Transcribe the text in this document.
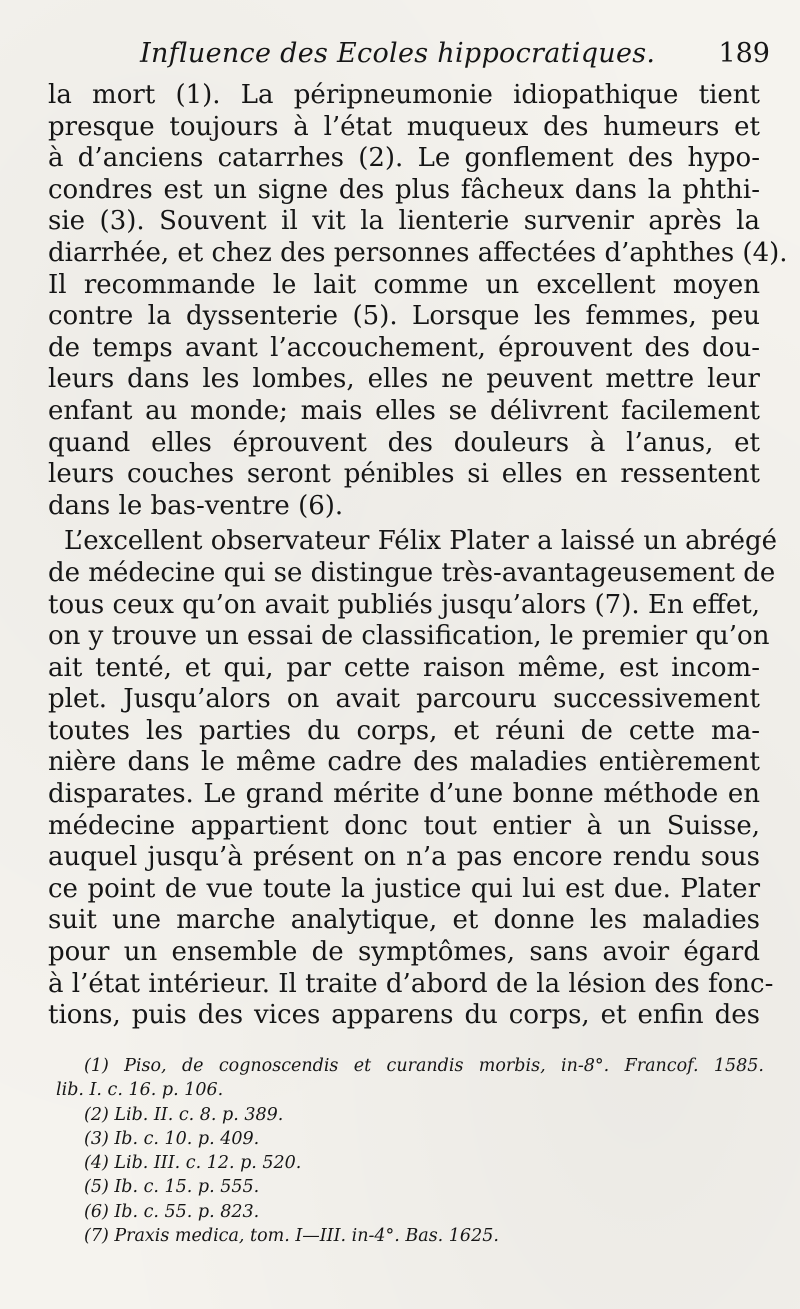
Influence des Ecoles hippocratiques. 189
la mort (1). La péripneumonie idiopathique tient
presque toujours à l’état muqueux des humeurs et
à d’anciens catarrhes (2). Le gonflement des hypo-
condres est un signe des plus fâcheux dans la phthi-
sie (3). Souvent il vit la lienterie survenir après la
diarrhée, et chez des personnes affectées d’aphthes (4).
Il recommande le lait comme un excellent moyen
contre la dyssenterie (5). Lorsque les femmes, peu
de temps avant l’accouchement, éprouvent des dou-
leurs dans les lombes, elles ne peuvent mettre leur
enfant au monde; mais elles se délivrent facilement
quand elles éprouvent des douleurs à l’anus, et
leurs couches seront pénibles si elles en ressentent
dans le bas-ventre (6).
L’excellent observateur Félix Plater a laissé un abrégé
de médecine qui se distingue très-avantageusement de
tous ceux qu’on avait publiés jusqu’alors (7). En effet,
on y trouve un essai de classification, le premier qu’on
ait tenté, et qui, par cette raison même, est incom-
plet. Jusqu’alors on avait parcouru successivement
toutes les parties du corps, et réuni de cette ma-
nière dans le même cadre des maladies entièrement
disparates. Le grand mérite d’une bonne méthode en
médecine appartient donc tout entier à un Suisse,
auquel jusqu’à présent on n’a pas encore rendu sous
ce point de vue toute la justice qui lui est due. Plater
suit une marche analytique, et donne les maladies
pour un ensemble de symptômes, sans avoir égard
à l’état intérieur. Il traite d’abord de la lésion des fonc-
tions, puis des vices apparens du corps, et enfin des
(1) Piso, de cognoscendis et curandis morbis, in-8°. Francof. 1585.
lib. I. c. 16. p. 106.
(2) Lib. II. c. 8. p. 389.
(3) Ib. c. 10. p. 409.
(4) Lib. III. c. 12. p. 520.
(5) Ib. c. 15. p. 555.
(6) Ib. c. 55. p. 823.
(7) Praxis medica, tom. I—III. in-4°. Bas. 1625.
